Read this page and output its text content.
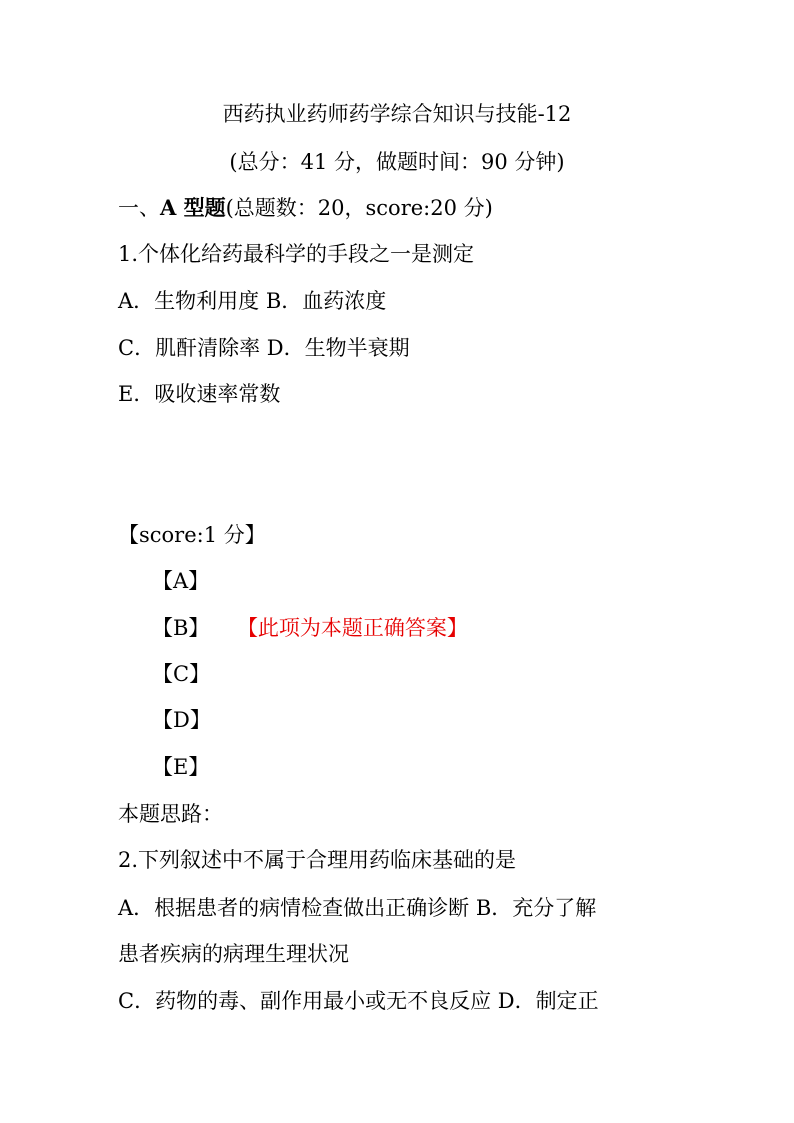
西药执业药师药学综合知识与技能-12
(总分：41 分，做题时间：90 分钟)
一、A 型题(总题数：20，score:20 分)
1.个体化给药最科学的手段之一是测定
A．生物利用度 B．血药浓度
C．肌酐清除率 D．生物半衰期
E．吸收速率常数
【score:1 分】
【A】
【B】 【此项为本题正确答案】
【C】
【D】
【E】
本题思路：
2.下列叙述中不属于合理用药临床基础的是
A．根据患者的病情检查做出正确诊断 B．充分了解
患者疾病的病理生理状况
C．药物的毒、副作用最小或无不良反应 D．制定正
